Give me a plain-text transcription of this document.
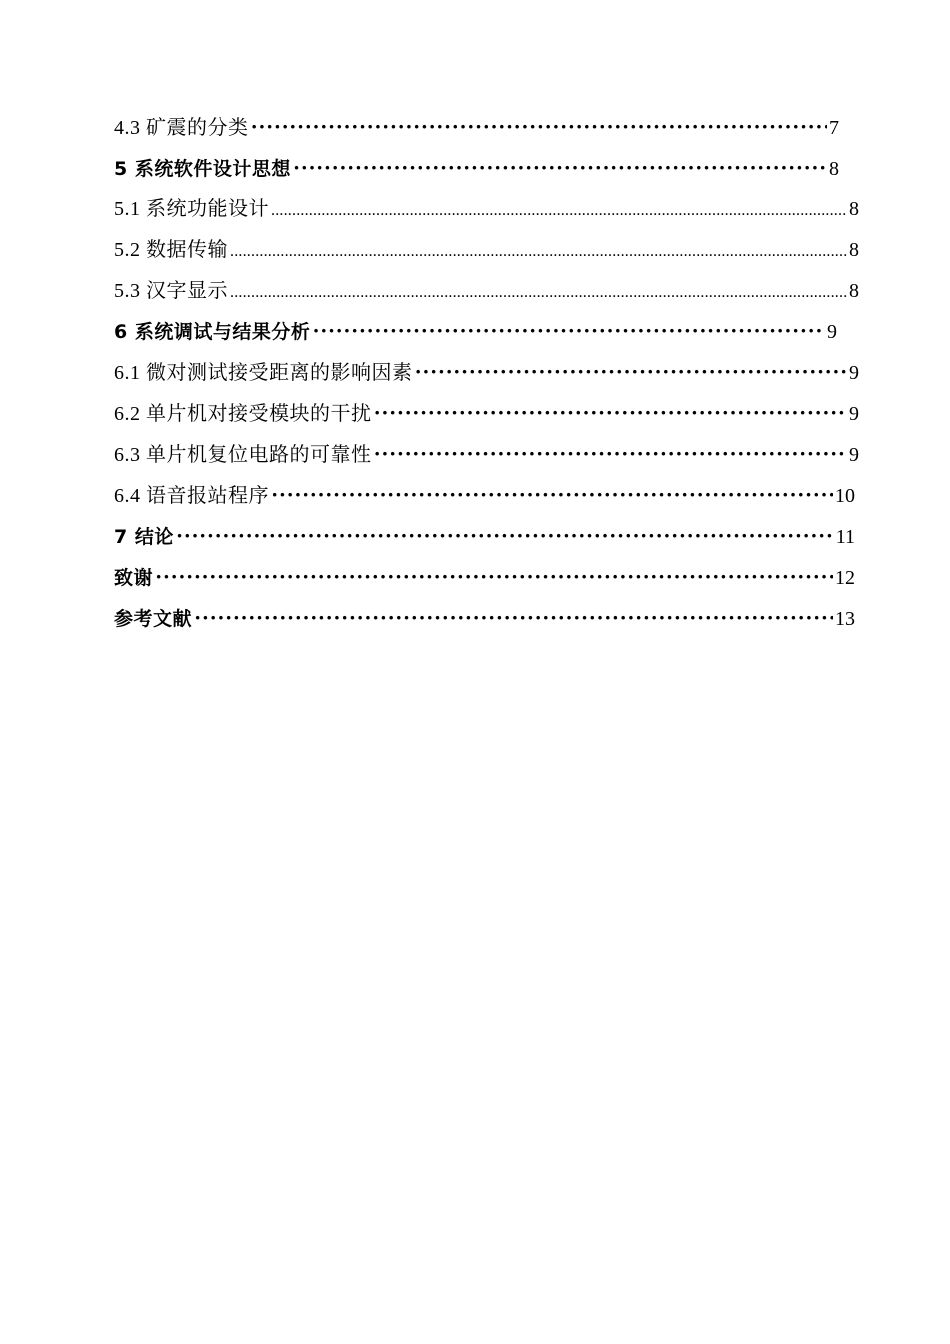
4.3 矿震的分类 ·····	7
5 系统软件设计思想 ·····	8
5.1 系统功能设计 .....	8
5.2 数据传输 .....	8
5.3 汉字显示 .....	8
6 系统调试与结果分析 ·····	9
6.1 微对测试接受距离的影响因素 ·····	9
6.2 单片机对接受模块的干扰 ·····	9
6.3 单片机复位电路的可靠性 ·····	9
6.4 语音报站程序 ·····	10
7 结论 ·····	11
致谢 ·····	12
参考文献 ·····	13
